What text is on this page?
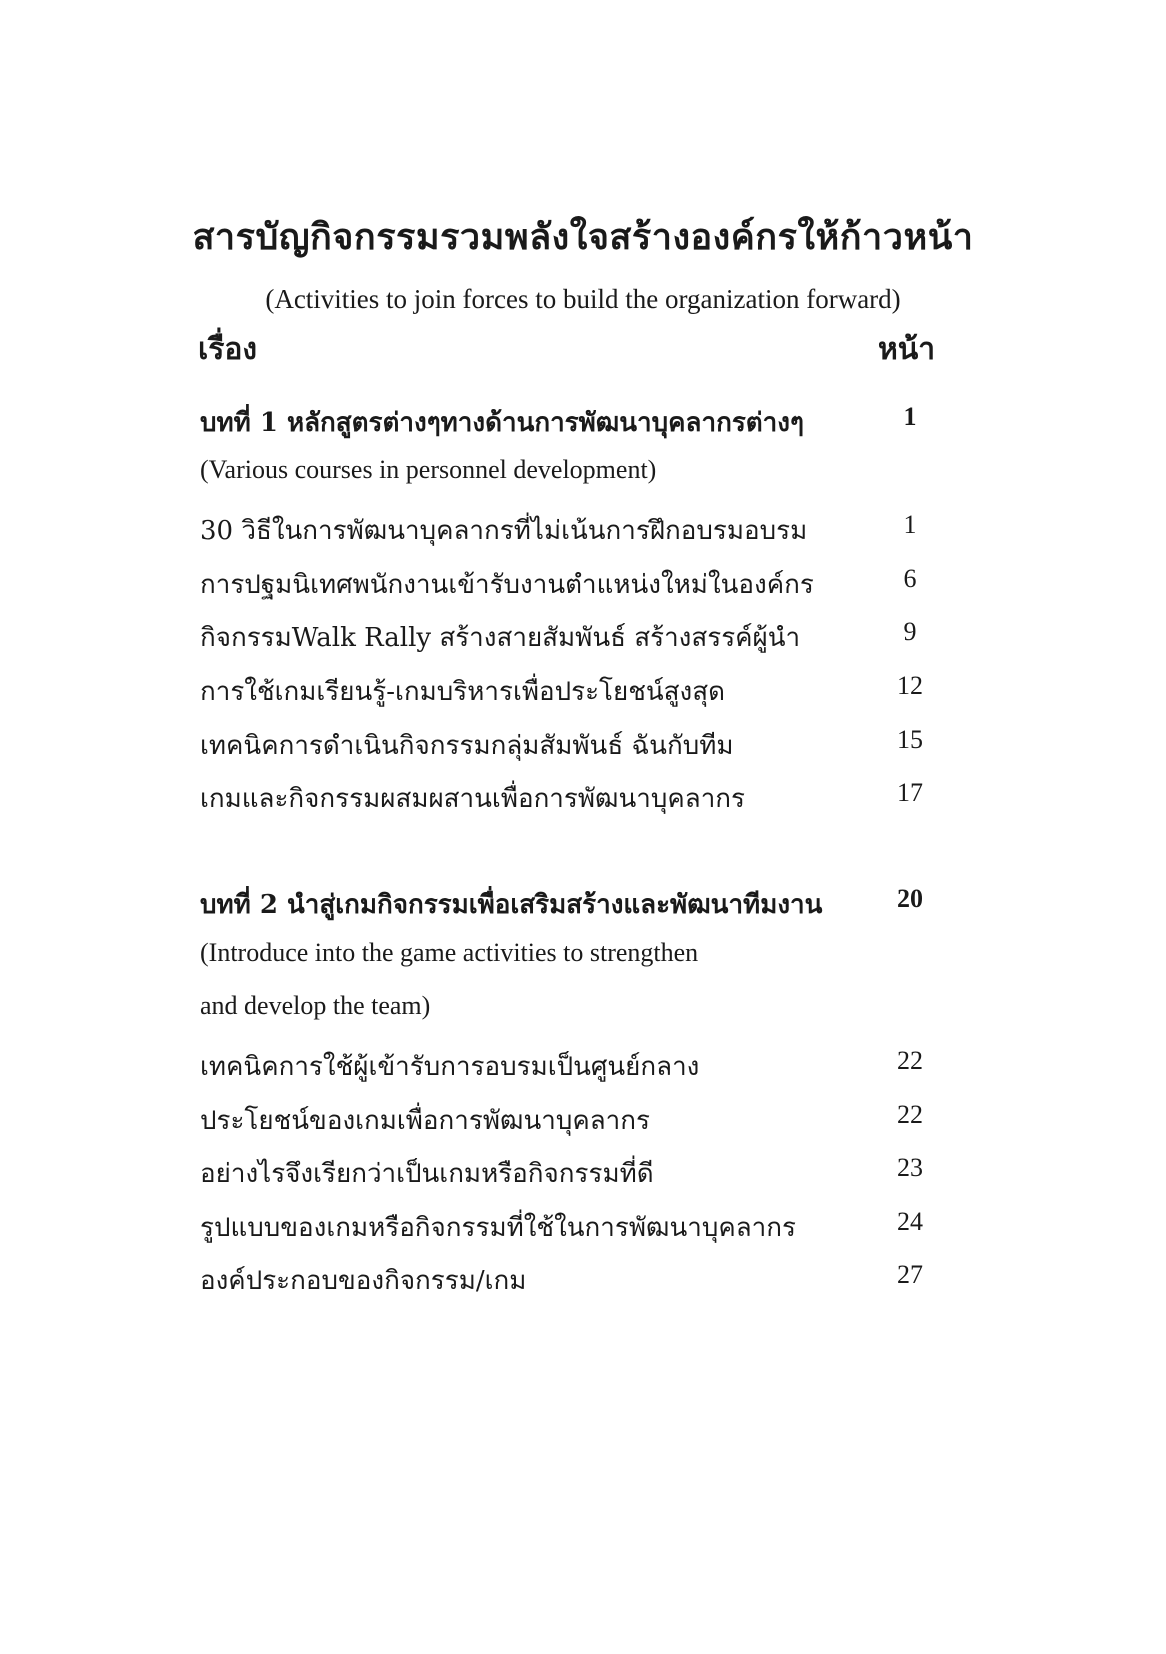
สารบัญกิจกรรมรวมพลังใจสร้างองค์กรให้ก้าวหน้า
(Activities to join forces to build the organization forward)
เรื่อง	หน้า
บทที่ 1 หลักสูตรต่างๆทางด้านการพัฒนาบุคลากรต่างๆ	1
(Various courses in personnel development)
30 วิธีในการพัฒนาบุคลากรที่ไม่เน้นการฝึกอบรมอบรม	1
การปฐมนิเทศพนักงานเข้ารับงานตำแหน่งใหม่ในองค์กร	6
กิจกรรมWalk Rally สร้างสายสัมพันธ์ สร้างสรรค์ผู้นำ	9
การใช้เกมเรียนรู้-เกมบริหารเพื่อประโยชน์สูงสุด	12
เทคนิคการดำเนินกิจกรรมกลุ่มสัมพันธ์ ฉันกับทีม	15
เกมและกิจกรรมผสมผสานเพื่อการพัฒนาบุคลากร	17
บทที่ 2 นำสู่เกมกิจกรรมเพื่อเสริมสร้างและพัฒนาทีมงาน	20
(Introduce into the game activities to strengthen
and develop the team)
เทคนิคการใช้ผู้เข้ารับการอบรมเป็นศูนย์กลาง	22
ประโยชน์ของเกมเพื่อการพัฒนาบุคลากร	22
อย่างไรจึงเรียกว่าเป็นเกมหรือกิจกรรมที่ดี	23
รูปแบบของเกมหรือกิจกรรมที่ใช้ในการพัฒนาบุคลากร	24
องค์ประกอบของกิจกรรม/เกม	27
